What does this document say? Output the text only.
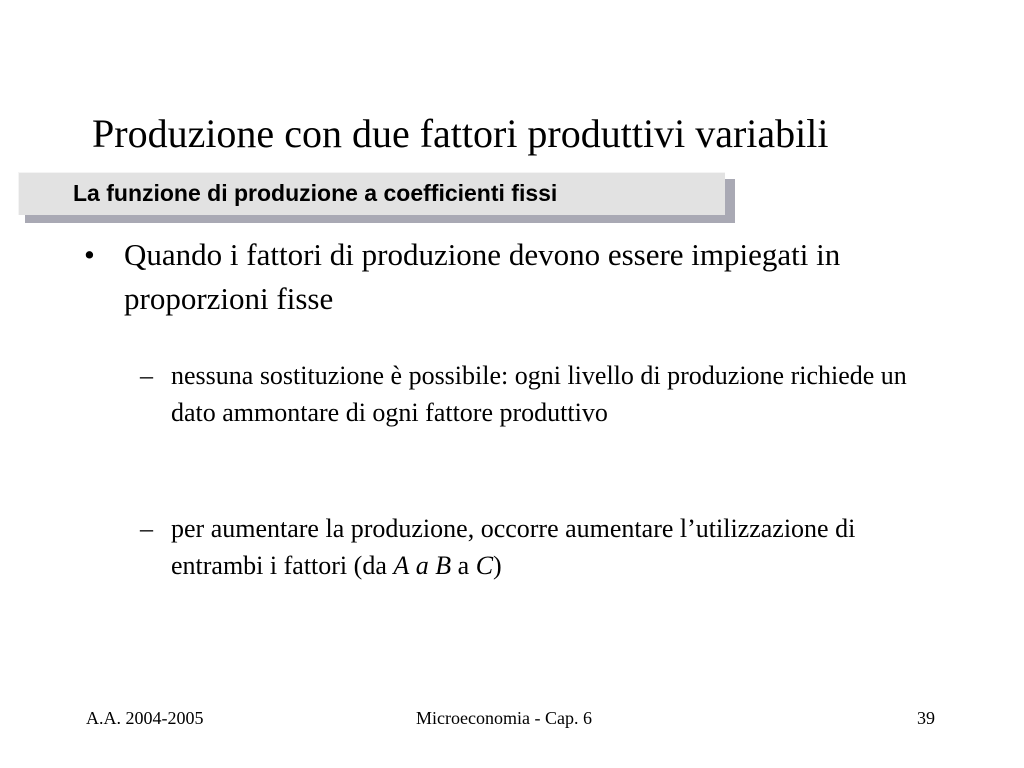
Produzione con due fattori produttivi variabili
La funzione di produzione a coefficienti fissi
• Quando i fattori di produzione devono essere impiegati in proporzioni fisse
– nessuna sostituzione è possibile: ogni livello di produzione richiede un dato ammontare di ogni fattore produttivo
– per aumentare la produzione, occorre aumentare l’utilizzazione di entrambi i fattori (da A a B a C)
A.A. 2004-2005	Microeconomia - Cap. 6	39
